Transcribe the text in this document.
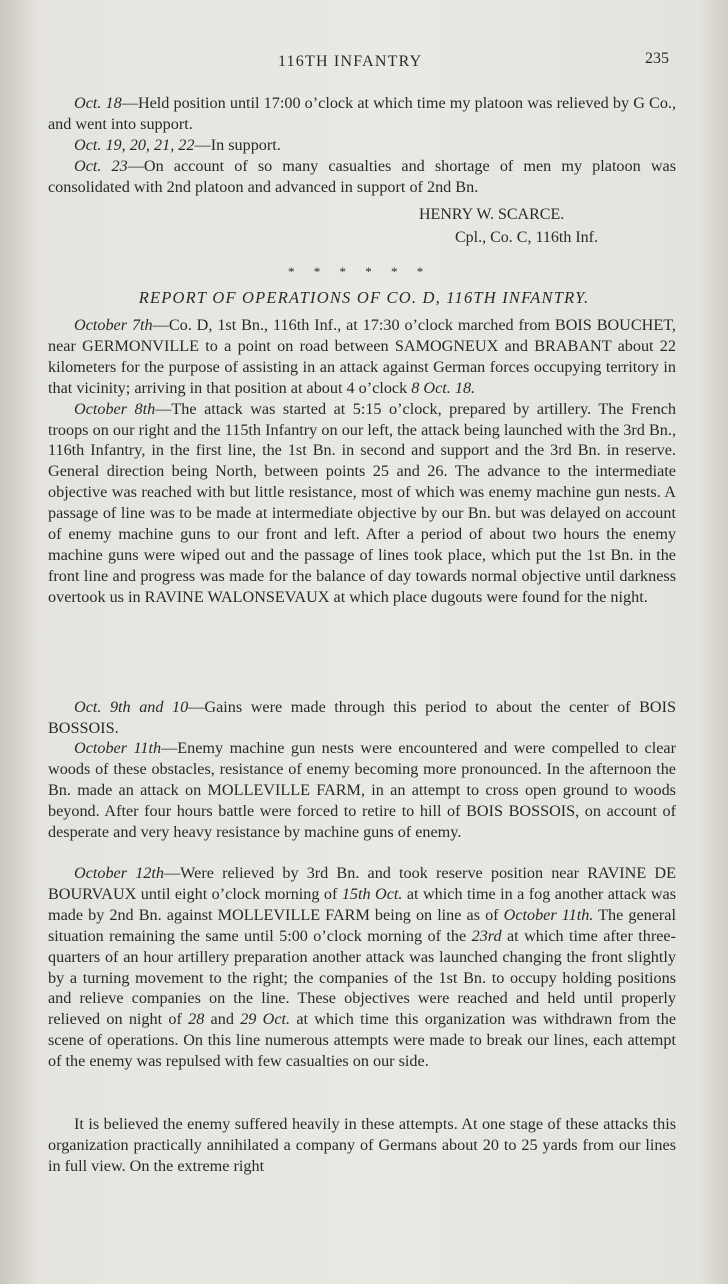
116TH INFANTRY	235

Oct. 18—Held position until 17:00 o’clock at which time my platoon was relieved by G Co., and went into support.

Oct. 19, 20, 21, 22—In support.

Oct. 23—On account of so many casualties and shortage of men my platoon was consolidated with 2nd platoon and advanced in support of 2nd Bn.

HENRY W. SCARCE.
Cpl., Co. C, 116th Inf.
* * * * * *
REPORT OF OPERATIONS OF CO. D, 116TH INFANTRY.

October 7th—Co. D, 1st Bn., 116th Inf., at 17:30 o’clock marched from BOIS BOUCHET, near GERMONVILLE to a point on road between SAMOGNEUX and BRABANT about 22 kilometers for the purpose of assisting in an attack against German forces occupying territory in that vicinity; arriving in that position at about 4 o’clock 8 Oct. 18.

October 8th—The attack was started at 5:15 o’clock, prepared by artillery. The French troops on our right and the 115th Infantry on our left, the attack being launched with the 3rd Bn., 116th Infantry, in the first line, the 1st Bn. in second and support and the 3rd Bn. in reserve. General direction being North, between points 25 and 26. The advance to the intermediate objective was reached with but little resistance, most of which was enemy machine gun nests. A passage of line was to be made at intermediate objective by our Bn. but was delayed on account of enemy machine guns to our front and left. After a period of about two hours the enemy machine guns were wiped out and the passage of lines took place, which put the 1st Bn. in the front line and progress was made for the balance of day towards normal objective until darkness overtook us in RAVINE WALONSEVAUX at which place dugouts were found for the night.

Oct. 9th and 10—Gains were made through this period to about the center of BOIS BOSSOIS.

October 11th—Enemy machine gun nests were encountered and were compelled to clear woods of these obstacles, resistance of enemy becoming more pronounced. In the afternoon the Bn. made an attack on MOLLEVILLE FARM, in an attempt to cross open ground to woods beyond. After four hours battle were forced to retire to hill of BOIS BOSSOIS, on account of desperate and very heavy resistance by machine guns of enemy.

October 12th—Were relieved by 3rd Bn. and took reserve position near RAVINE DE BOURVAUX until eight o’clock morning of 15th Oct. at which time in a fog another attack was made by 2nd Bn. against MOLLEVILLE FARM being on line as of October 11th. The general situation remaining the same until 5:00 o’clock morning of the 23rd at which time after three-quarters of an hour artillery preparation another attack was launched changing the front slightly by a turning movement to the right; the companies of the 1st Bn. to occupy holding positions and relieve companies on the line. These objectives were reached and held until properly relieved on night of 28 and 29 Oct. at which time this organization was withdrawn from the scene of operations. On this line numerous attempts were made to break our lines, each attempt of the enemy was repulsed with few casualties on our side.

It is believed the enemy suffered heavily in these attempts. At one stage of these attacks this organization practically annihilated a company of Germans about 20 to 25 yards from our lines in full view. On the extreme right
